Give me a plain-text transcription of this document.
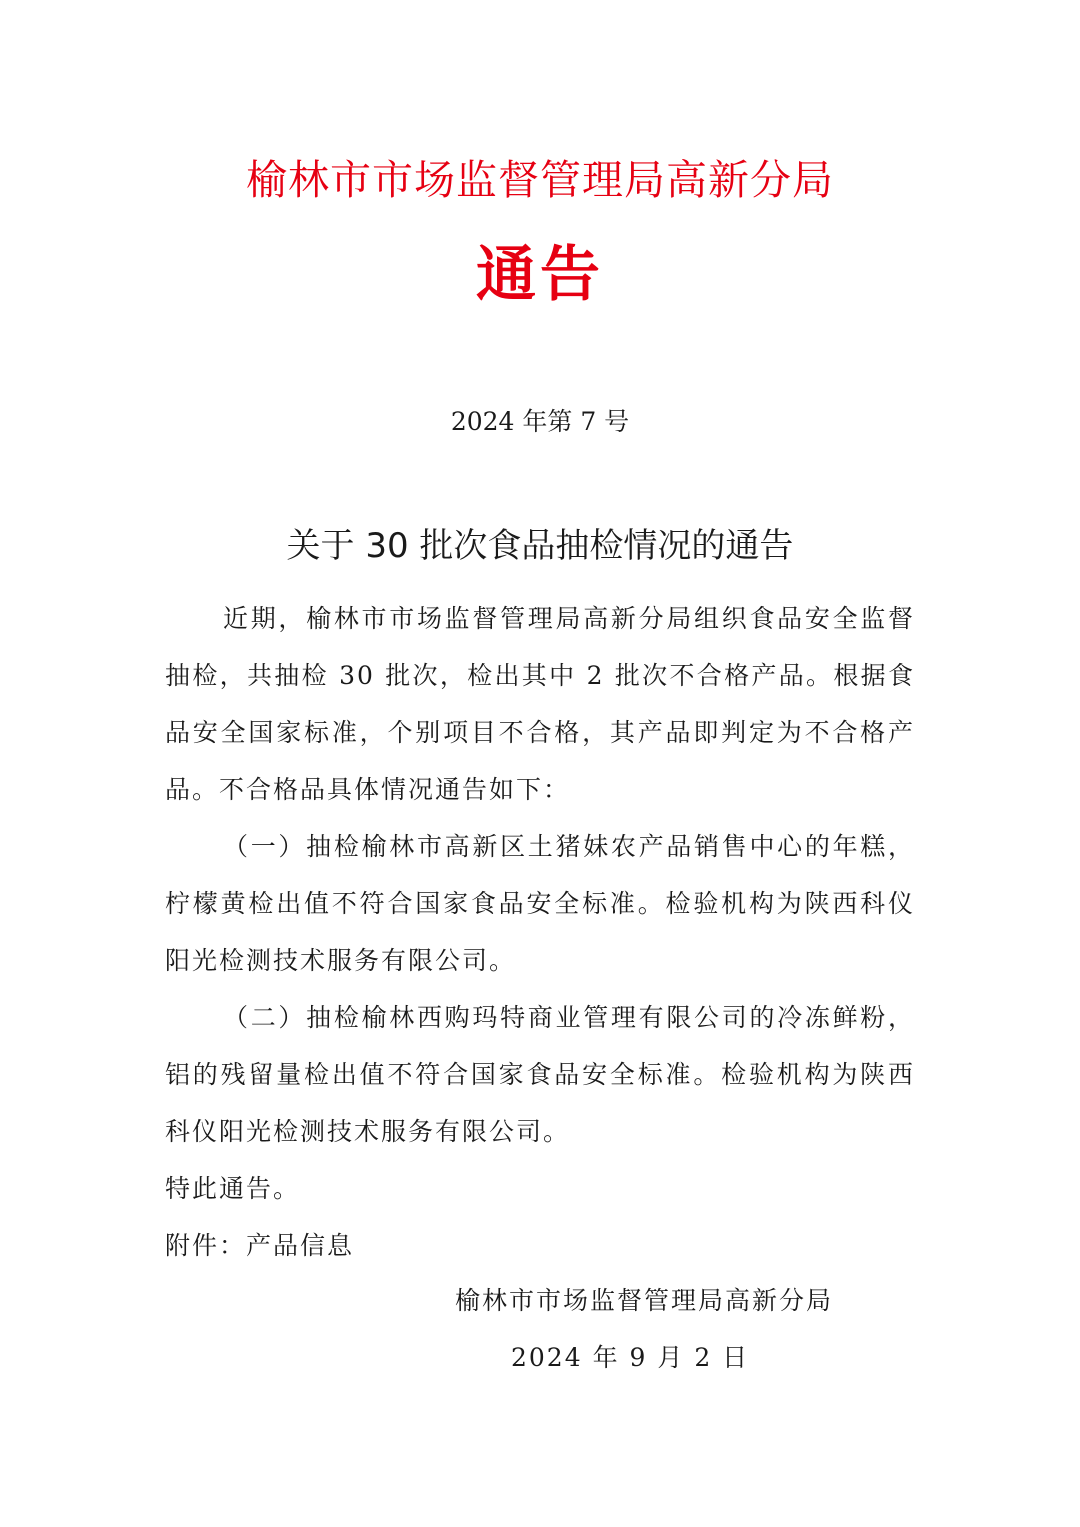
榆林市市场监督管理局高新分局
通告
2024 年第 7 号
关于 30 批次食品抽检情况的通告

近期，榆林市市场监督管理局高新分局组织食品安全监督抽检，共抽检 30 批次，检出其中 2 批次不合格产品。根据食品安全国家标准，个别项目不合格，其产品即判定为不合格产品。不合格品具体情况通告如下：

（一）抽检榆林市高新区土猪妹农产品销售中心的年糕，柠檬黄检出值不符合国家食品安全标准。检验机构为陕西科仪阳光检测技术服务有限公司。

（二）抽检榆林西购玛特商业管理有限公司的冷冻鲜粉，铝的残留量检出值不符合国家食品安全标准。检验机构为陕西科仪阳光检测技术服务有限公司。

特此通告。

附件：产品信息

榆林市市场监督管理局高新分局
2024 年 9 月 2 日
